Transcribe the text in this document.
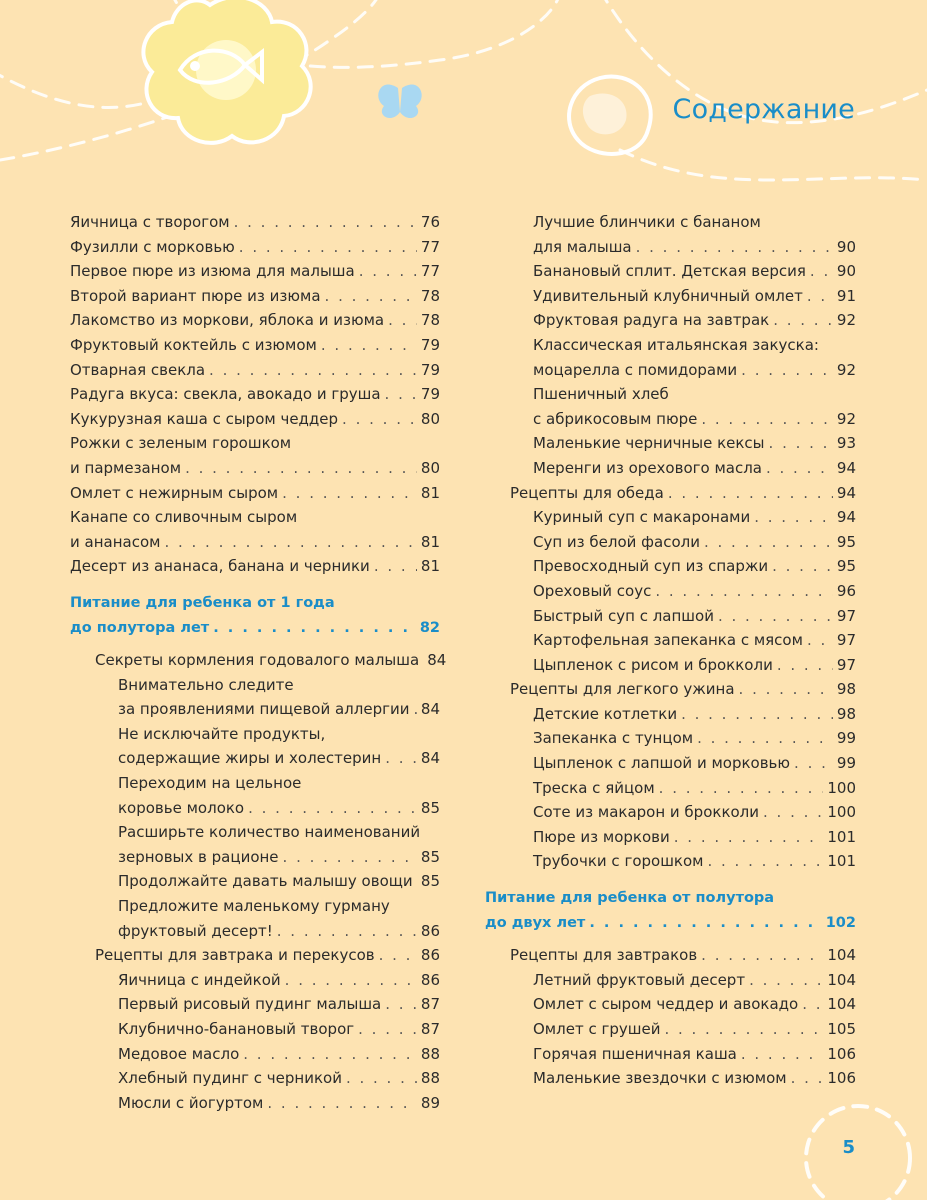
Содержание
Яичница с творогом . . .	76
Фузилли с морковью . . .	77
Первое пюре из изюма для малыша . . .	77
Второй вариант пюре из изюма . . .	78
Лакомство из моркови, яблока и изюма . . . 78
Фруктовый коктейль с изюмом . . .	79
Отварная свекла . . .	79
Радуга вкуса: свекла, авокадо и груша . . .	79
Кукурузная каша с сыром чеддер . . .	80
Рожки с зеленым горошком
и пармезаном . . .	80
Омлет с нежирным сыром . . .	81
Канапе со сливочным сыром
и ананасом . . .	81
Десерт из ананаса, банана и черники . . .	81
Питание для ребенка от 1 года
до полутора лет . . .	82
Секреты кормления годовалого малыша 84
Внимательно следите
за проявлениями пищевой аллергии . . . 84
Не исключайте продукты,
содержащие жиры и холестерин . . .	84
Переходим на цельное
коровье молоко . . .	85
Расширьте количество наименований
зерновых в рационе . . .	85
Продолжайте давать малышу овощи . . . 85
Предложите маленькому гурману
фруктовый десерт! . . .	86
Рецепты для завтрака и перекусов . . .	86
Яичница с индейкой . . .	86
Первый рисовый пудинг малыша . . .	87
Клубнично-банановый творог . . .	87
Медовое масло . . .	88
Хлебный пудинг с черникой . . .	88
Мюсли с йогуртом . . .	89
Лучшие блинчики с бананом
для малыша . . .	90
Банановый сплит. Детская версия . . . 90
Удивительный клубничный омлет . . . 91
Фруктовая радуга на завтрак . . .	92
Классическая итальянская закуска:
моцарелла с помидорами . . .	92
Пшеничный хлеб
с абрикосовым пюре . . .	92
Маленькие черничные кексы . . .	93
Меренги из орехового масла . . .	94
Рецепты для обеда . . .	94
Куриный суп с макаронами . . .	94
Суп из белой фасоли . . .	95
Превосходный суп из спаржи . . .	95
Ореховый соус . . .	96
Быстрый суп с лапшой . . .	97
Картофельная запеканка с мясом . . . 97
Цыпленок с рисом и брокколи . . .	97
Рецепты для легкого ужина . . .	98
Детские котлетки . . .	98
Запеканка с тунцом . . .	99
Цыпленок с лапшой и морковью . . .	99
Треска с яйцом . . .	100
Соте из макарон и брокколи . . .	100
Пюре из моркови . . .	101
Трубочки с горошком . . .	101
Питание для ребенка от полутора
до двух лет . . .	102
Рецепты для завтраков . . .	104
Летний фруктовый десерт . . .	104
Омлет с сыром чеддер и авокадо . . . 104
Омлет с грушей . . .	105
Горячая пшеничная каша . . .	106
Маленькие звездочки с изюмом . . .	106
5
